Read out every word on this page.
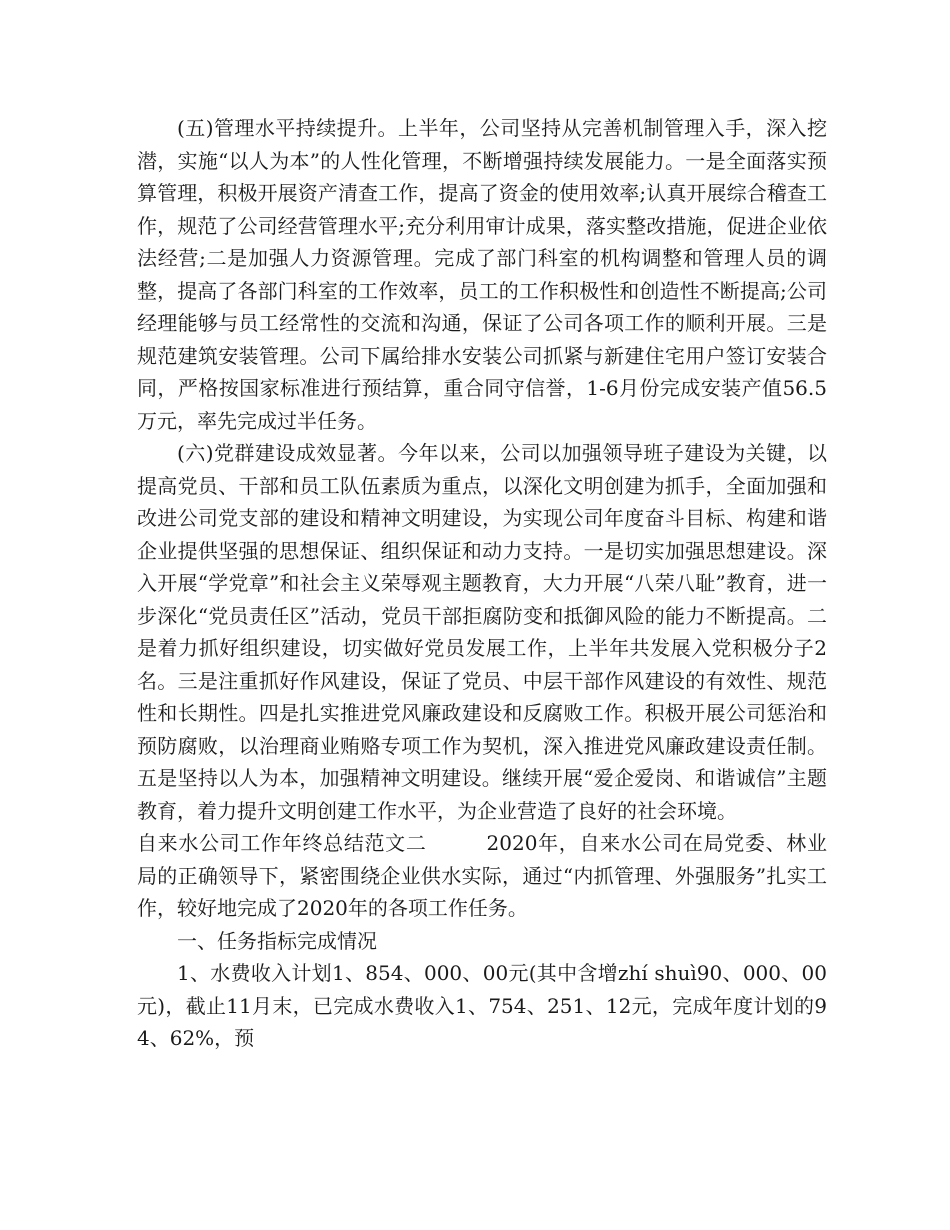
(五)管理水平持续提升。上半年，公司坚持从完善机制管理入手，深入挖潜，实施“以人为本”的人性化管理，不断增强持续发展能力。一是全面落实预算管理，积极开展资产清查工作，提高了资金的使用效率;认真开展综合稽查工作，规范了公司经营管理水平;充分利用审计成果，落实整改措施，促进企业依法经营;二是加强人力资源管理。完成了部门科室的机构调整和管理人员的调整，提高了各部门科室的工作效率，员工的工作积极性和创造性不断提高;公司经理能够与员工经常性的交流和沟通，保证了公司各项工作的顺利开展。三是规范建筑安装管理。公司下属给排水安装公司抓紧与新建住宅用户签订安装合同，严格按国家标准进行预结算，重合同守信誉，1-6月份完成安装产值56.5万元，率先完成过半任务。

(六)党群建设成效显著。今年以来，公司以加强领导班子建设为关键，以提高党员、干部和员工队伍素质为重点，以深化文明创建为抓手，全面加强和改进公司党支部的建设和精神文明建设，为实现公司年度奋斗目标、构建和谐企业提供坚强的思想保证、组织保证和动力支持。一是切实加强思想建设。深入开展“学党章”和社会主义荣辱观主题教育，大力开展“八荣八耻”教育，进一步深化“党员责任区”活动，党员干部拒腐防变和抵御风险的能力不断提高。二是着力抓好组织建设，切实做好党员发展工作，上半年共发展入党积极分子2名。三是注重抓好作风建设，保证了党员、中层干部作风建设的有效性、规范性和长期性。四是扎实推进党风廉政建设和反腐败工作。积极开展公司惩治和预防腐败，以治理商业贿赂专项工作为契机，深入推进党风廉政建设责任制。五是坚持以人为本，加强精神文明建设。继续开展“爱企爱岗、和谐诚信”主题教育，着力提升文明创建工作水平，为企业营造了良好的社会环境。

自来水公司工作年终总结范文二	2020年，自来水公司在局党委、林业局的正确领导下，紧密围绕企业供水实际，通过“内抓管理、外强服务”扎实工作，较好地完成了2020年的各项工作任务。

一、任务指标完成情况

1、水费收入计划1、854、000、00元(其中含增zhí shuì90、000、00元)，截止11月末，已完成水费收入1、754、251、12元，完成年度计划的94、62%，预
